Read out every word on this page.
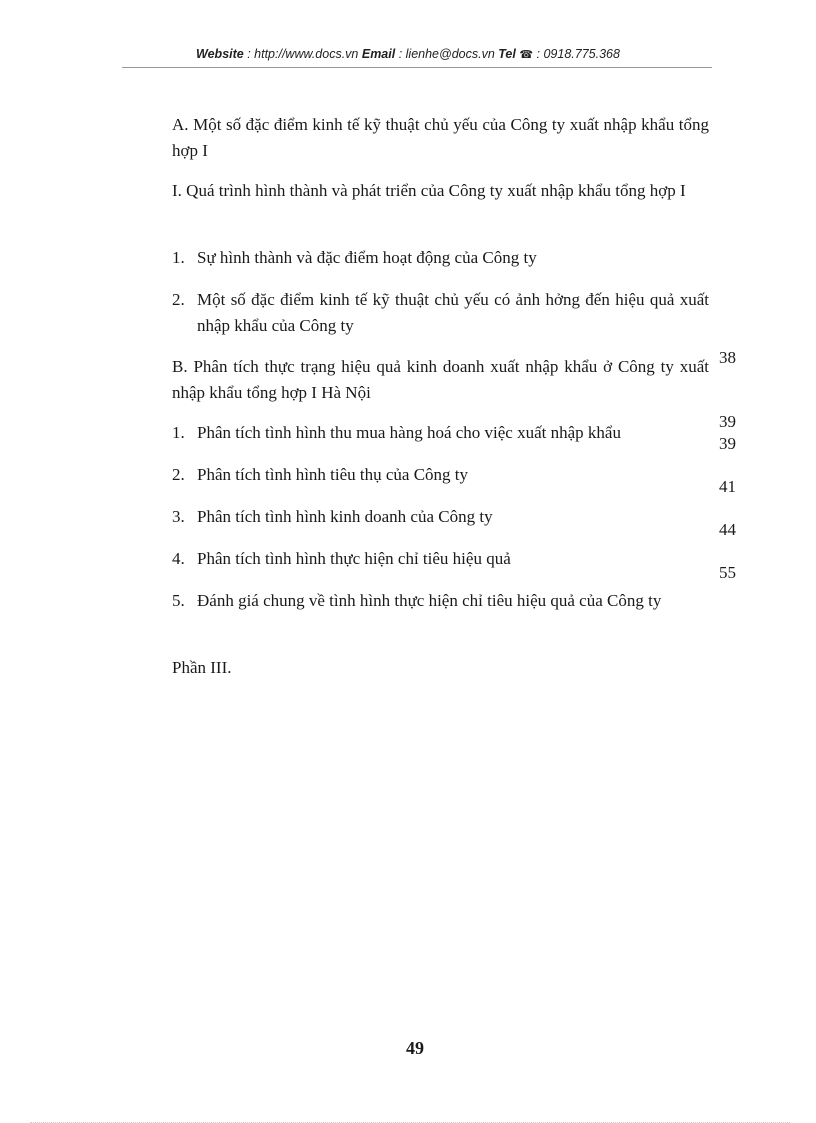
Website : http://www.docs.vn Email : lienhe@docs.vn Tel ☎ : 0918.775.368
A. Một số đặc điểm kinh tế kỹ thuật chủ yếu của Công ty xuất nhập khẩu tổng hợp I
I. Quá trình hình thành và phát triển của Công ty xuất nhập khẩu tổng hợp I
1. Sự hình thành và đặc điểm hoạt động của Công ty
2. Một số đặc điểm kinh tế kỹ thuật chủ yếu có ảnh hởng đến hiệu quả xuất nhập khẩu của Công ty
38
B. Phân tích thực trạng hiệu quả kinh doanh xuất nhập khẩu ở Công ty xuất nhập khẩu tổng hợp I Hà Nội
39
1. Phân tích tình hình thu mua hàng hoá cho việc xuất nhập khẩu
39
2. Phân tích tình hình tiêu thụ của Công ty
41
3. Phân tích tình hình kinh doanh của Công ty
44
4. Phân tích tình hình thực hiện chỉ tiêu hiệu quả
55
5. Đánh giá chung về tình hình thực hiện chỉ tiêu hiệu quả của Công ty
Phần III.
49
